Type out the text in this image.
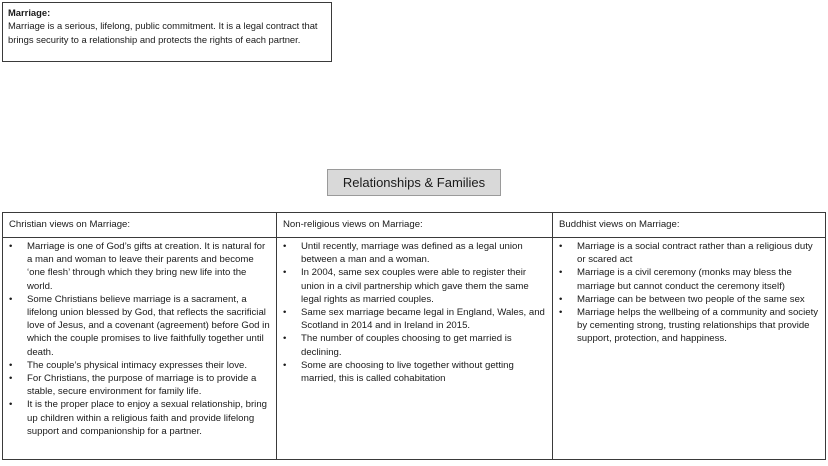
Marriage:
Marriage is a serious, lifelong, public commitment. It is a legal contract that brings security to a relationship and protects the rights of each partner.
Relationships & Families
Christian views on Marriage:
• Marriage is one of God’s gifts at creation. It is natural for a man and woman to leave their parents and become ‘one flesh’ through which they bring new life into the world.
• Some Christians believe marriage is a sacrament, a lifelong union blessed by God, that reflects the sacrificial love of Jesus, and a covenant (agreement) before God in which the couple promises to live faithfully together until death.
• The couple’s physical intimacy expresses their love.
• For Christians, the purpose of marriage is to provide a stable, secure environment for family life.
• It is the proper place to enjoy a sexual relationship, bring up children within a religious faith and provide lifelong support and companionship for a partner.
Non-religious views on Marriage:
• Until recently, marriage was defined as a legal union between a man and a woman.
• In 2004, same sex couples were able to register their union in a civil partnership which gave them the same legal rights as married couples.
• Same sex marriage became legal in England, Wales, and Scotland in 2014 and in Ireland in 2015.
• The number of couples choosing to get married is declining.
• Some are choosing to live together without getting married, this is called cohabitation
Buddhist views on Marriage:
• Marriage is a social contract rather than a religious duty or scared act
• Marriage is a civil ceremony (monks may bless the marriage but cannot conduct the ceremony itself)
• Marriage can be between two people of the same sex
• Marriage helps the wellbeing of a community and society by cementing strong, trusting relationships that provide support, protection, and happiness.
